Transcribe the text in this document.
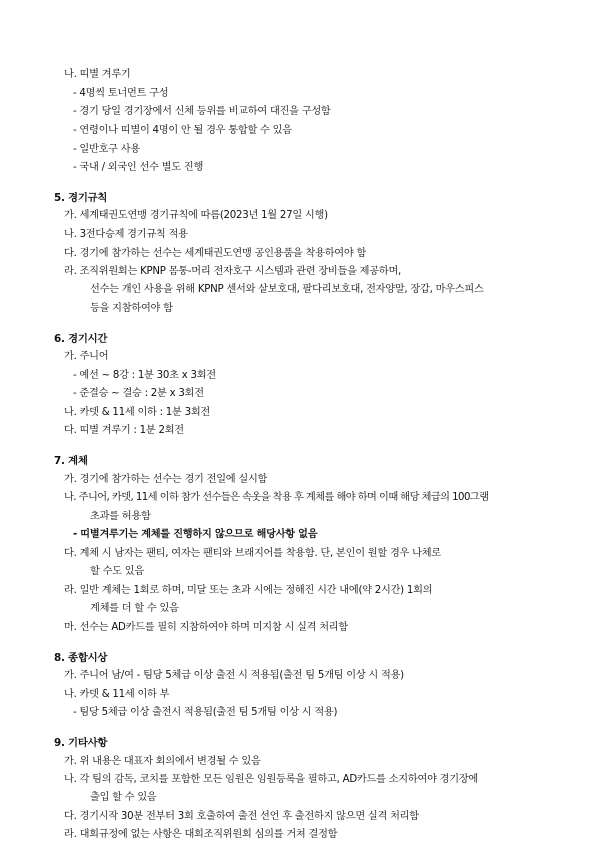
나. 띠별 겨루기
- 4명씩 토너먼트 구성
- 경기 당일 경기장에서 신체 등위를 비교하여 대진을 구성함
- 연령이나 띠별이 4명이 안 될 경우 통합할 수 있음
- 일반호구 사용
- 국내 / 외국인 선수 별도 진행
5. 경기규칙
가. 세계태권도연맹 경기규칙에 따름(2023년 1월 27일 시행)
나. 3전다승제 경기규칙 적용
다. 경기에 참가하는 선수는 세계태권도연맹 공인용품을 착용하여야 함
라. 조직위원회는 KPNP 몸통-머리 전자호구 시스템과 관련 장비들을 제공하며,
선수는 개인 사용을 위해 KPNP 센서와 샅보호대, 팔다리보호대, 전자양말, 장갑, 마우스피스
등을 지참하여야 함
6. 경기시간
가. 주니어
- 예선 ~ 8강 : 1분 30초 x 3회전
- 준결승 ~ 결승 : 2분 x 3회전
나. 카뎃 & 11세 이하 : 1분 3회전
다. 띠별 겨루기 : 1분 2회전
7. 계체
가. 경기에 참가하는 선수는 경기 전일에 실시함
나. 주니어, 카뎃, 11세 이하 참가 선수들은 속옷을 착용 후 계체를 해야 하며 이때 해당 체급의 100그램
초과를 허용함
- 띠별겨루기는 계체를 진행하지 않으므로 해당사항 없음
다. 계체 시 남자는 팬티, 여자는 팬티와 브래지어를 착용함. 단, 본인이 원할 경우 나체로
할 수도 있음
라. 일반 계체는 1회로 하며, 미달 또는 초과 시에는 정해진 시간 내에(약 2시간) 1회의
계체를 더 할 수 있음
마. 선수는 AD카드를 필히 지참하여야 하며 미지참 시 실격 처리함
8. 종합시상
가. 주니어 남/여 - 팀당 5체급 이상 출전 시 적용됨(출전 팀 5개팀 이상 시 적용)
나. 카뎃 & 11세 이하 부
- 팀당 5체급 이상 출전시 적용됨(출전 팀 5개팀 이상 시 적용)
9. 기타사항
가. 위 내용은 대표자 회의에서 변경될 수 있음
나. 각 팀의 감독, 코치를 포함한 모든 임원은 임원등록을 필하고, AD카드를 소지하여야 경기장에
출입 할 수 있음
다. 경기시작 30분 전부터 3회 호출하여 출전 선언 후 출전하지 않으면 실격 처리함
라. 대회규정에 없는 사항은 대회조직위원회 심의를 거쳐 결정함
